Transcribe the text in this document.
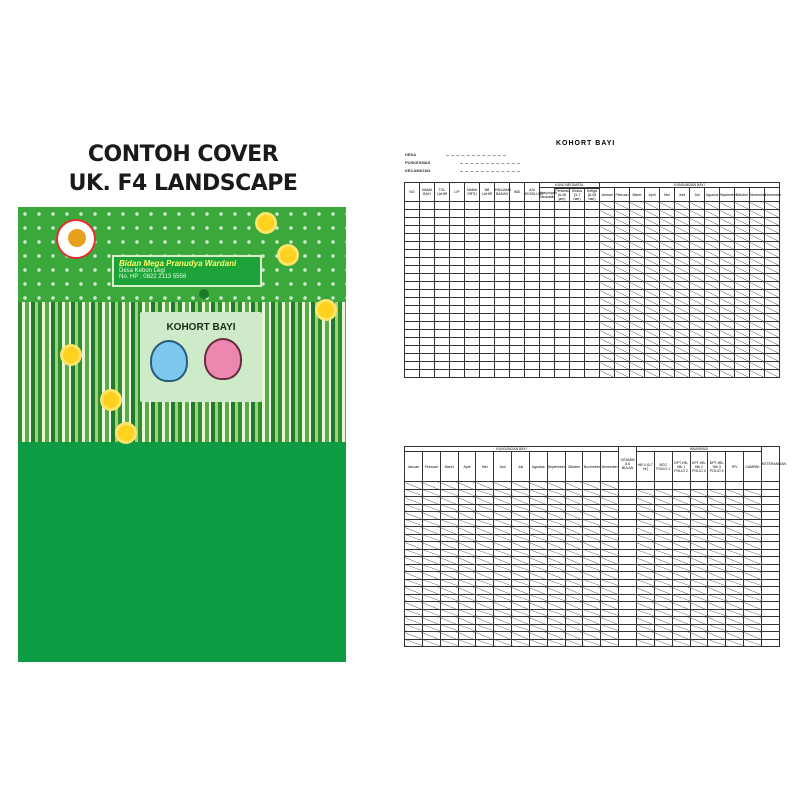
CONTOH COVER
UK. F4 LANDSCAPE
Bidan Mega Pranudya Wardani
Desa Kebon Legi
No. HP : 0822 2113 5556
KOHORT BAYI
KOHORT BAYI
DESA
PUSKESMAS
KECAMATAN
NO	NAMA BAYI	TGL LAHIR	L/P	NAMA ORTU	BB LAHIR	PANJANG BADAN	IMD	ASI EKSKLUSIF	KUNJ NEONATAL				KUNJUNGAN BAYI											
									Kunjungan Neonatal				Januari	Februari	Maret	April	Mei	Juni	Juli	Agustus	September	Oktober	November	Desember
										Pertama (6-48 jam)	Kedua (3-7 hari)	Ketiga (8-28 hari)												

KUNJUNGAN BAYI												VITAMIN A 6 BULAN	IMUNISASI							KETERANGAN
Januari	Februari	Maret	April	Mei	Juni	Juli	Agustus	September	Oktober	November	Desember		HB 0 (0-7 Hr)	BCG POLIO 1	DPT-HB-Hib 1 POLIO 2	DPT-HB-Hib 2 POLIO 3	DPT-HB-Hib 3 POLIO 4	IPV	CAMPAK	
